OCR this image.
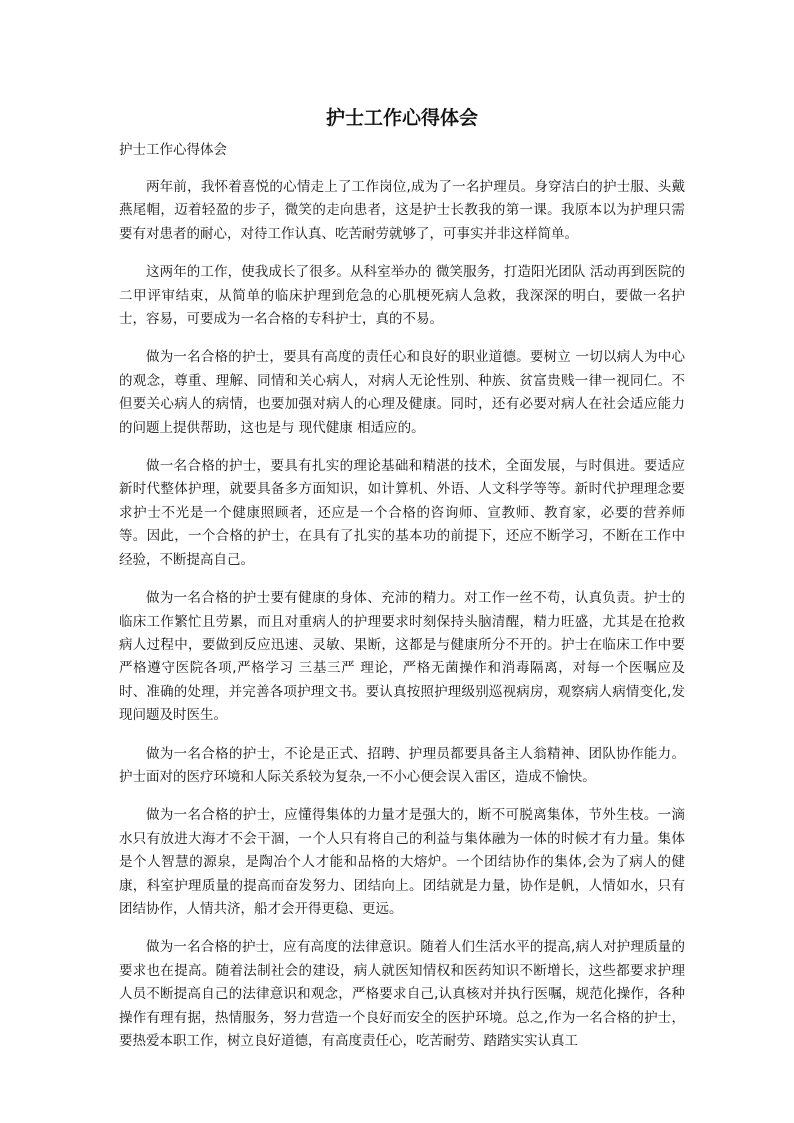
护士工作心得体会
护士工作心得体会

两年前，我怀着喜悦的心情走上了工作岗位,成为了一名护理员。身穿洁白的护士服、头戴燕尾帽，迈着轻盈的步子，微笑的走向患者，这是护士长教我的第一课。我原本以为护理只需要有对患者的耐心，对待工作认真、吃苦耐劳就够了，可事实并非这样简单。

这两年的工作，使我成长了很多。从科室举办的 微笑服务，打造阳光团队 活动再到医院的二甲评审结束，从简单的临床护理到危急的心肌梗死病人急救，我深深的明白，要做一名护士，容易，可要成为一名合格的专科护士，真的不易。

做为一名合格的护士，要具有高度的责任心和良好的职业道德。要树立 一切以病人为中心 的观念，尊重、理解、同情和关心病人，对病人无论性别、种族、贫富贵贱一律一视同仁。不但要关心病人的病情，也要加强对病人的心理及健康。同时，还有必要对病人在社会适应能力的问题上提供帮助，这也是与 现代健康 相适应的。

做一名合格的护士，要具有扎实的理论基础和精湛的技术，全面发展，与时俱进。要适应新时代整体护理，就要具备多方面知识，如计算机、外语、人文科学等等。新时代护理理念要求护士不光是一个健康照顾者，还应是一个合格的咨询师、宣教师、教育家，必要的营养师等。因此，一个合格的护士，在具有了扎实的基本功的前提下，还应不断学习，不断在工作中经验，不断提高自己。

做为一名合格的护士要有健康的身体、充沛的精力。对工作一丝不苟，认真负责。护士的临床工作繁忙且劳累，而且对重病人的护理要求时刻保持头脑清醒，精力旺盛，尤其是在抢救病人过程中，要做到反应迅速、灵敏、果断，这都是与健康所分不开的。护士在临床工作中要严格遵守医院各项,严格学习 三基三严 理论，严格无菌操作和消毒隔离，对每一个医嘱应及时、准确的处理，并完善各项护理文书。要认真按照护理级别巡视病房，观察病人病情变化,发现问题及时医生。

做为一名合格的护士，不论是正式、招聘、护理员都要具备主人翁精神、团队协作能力。护士面对的医疗环境和人际关系较为复杂,一不小心便会误入雷区，造成不愉快。

做为一名合格的护士，应懂得集体的力量才是强大的，断不可脱离集体，节外生枝。一滴水只有放进大海才不会干涸，一个人只有将自己的利益与集体融为一体的时候才有力量。集体是个人智慧的源泉，是陶冶个人才能和品格的大熔炉。一个团结协作的集体,会为了病人的健康，科室护理质量的提高而奋发努力、团结向上。团结就是力量，协作是帆，人情如水，只有团结协作，人情共济，船才会开得更稳、更远。

做为一名合格的护士，应有高度的法律意识。随着人们生活水平的提高,病人对护理质量的要求也在提高。随着法制社会的建设，病人就医知情权和医药知识不断增长，这些都要求护理人员不断提高自己的法律意识和观念，严格要求自己,认真核对并执行医嘱，规范化操作，各种操作有理有据，热情服务，努力营造一个良好而安全的医护环境。总之,作为一名合格的护士，要热爱本职工作，树立良好道德，有高度责任心，吃苦耐劳、踏踏实实认真工
